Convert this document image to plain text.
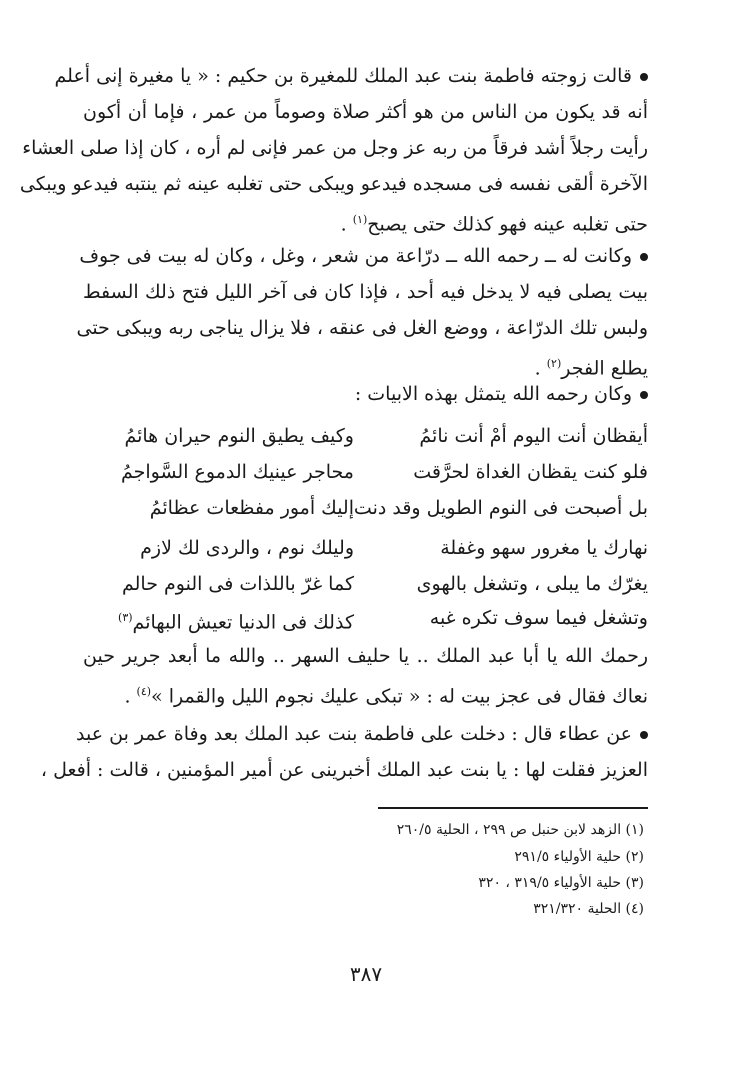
قالت زوجته فاطمة بنت عبد الملك للمغيرة بن حكيم : « يا مغيرة إنى أعلم
أنه قد يكون من الناس من هو أكثر صلاة وصوماً من عمر ، فإما أن أكون
رأيت رجلاً أشد فرقاً من ربه عز وجل من عمر فإنى لم أره ، كان إذا صلى العشاء
الآخرة ألقى نفسه فى مسجده فيدعو ويبكى حتى تغلبه عينه ثم ينتبه فيدعو ويبكى
حتى تغلبه عينه فهو كذلك حتى يصبح$^{(١)}$ .
وكانت له ــ رحمه الله ــ درّاعة من شعر ، وغل ، وكان له بيت فى جوف
بيت يصلى فيه لا يدخل فيه أحد ، فإذا كان فى آخر الليل فتح ذلك السفط
ولبس تلك الدرّاعة ، ووضع الغل فى عنقه ، فلا يزال يناجى ربه ويبكى حتى
يطلع الفجر$^{(٢)}$ .
وكان رحمه الله يتمثل بهذه الابيات :
أيقظان أنت اليوم أمْ أنت نائمُ
وكيف يطيق النوم حيران هائمُ
فلو كنت يقظان الغداة لحرَّقت
محاجر عينيك الدموع السَّواجمُ
بل أصبحت فى النوم الطويل وقد دنت
إليك أمور مفظعات عظائمُ
نهارك يا مغرور سهو وغفلة
وليلك نوم ، والردى لك لازم
يغرّك ما يبلى ، وتشغل بالهوى
كما غرّ باللذات فى النوم حالم
وتشغل فيما سوف تكره غبه
كذلك فى الدنيا تعيش البهائم$^{(٣)}$
رحمك الله يا أبا عبد الملك .. يا حليف السهر .. والله ما أبعد جرير حين
نعاك فقال فى عجز بيت له : « تبكى عليك نجوم الليل والقمرا »$^{(٤)}$ .
عن عطاء قال : دخلت على فاطمة بنت عبد الملك بعد وفاة عمر بن عبد
العزيز فقلت لها : يا بنت عبد الملك أخبرينى عن أمير المؤمنين ، قالت : أفعل ،
(١) الزهد لابن حنبل ص ٢٩٩ ، الحلية ٢٦٠/٥
(٢) حلية الأولياء ٢٩١/٥
(٣) حلية الأولياء ٣١٩/٥ ، ٣٢٠
(٤) الحلية ٣٢١/٣٢٠
٣٨٧
